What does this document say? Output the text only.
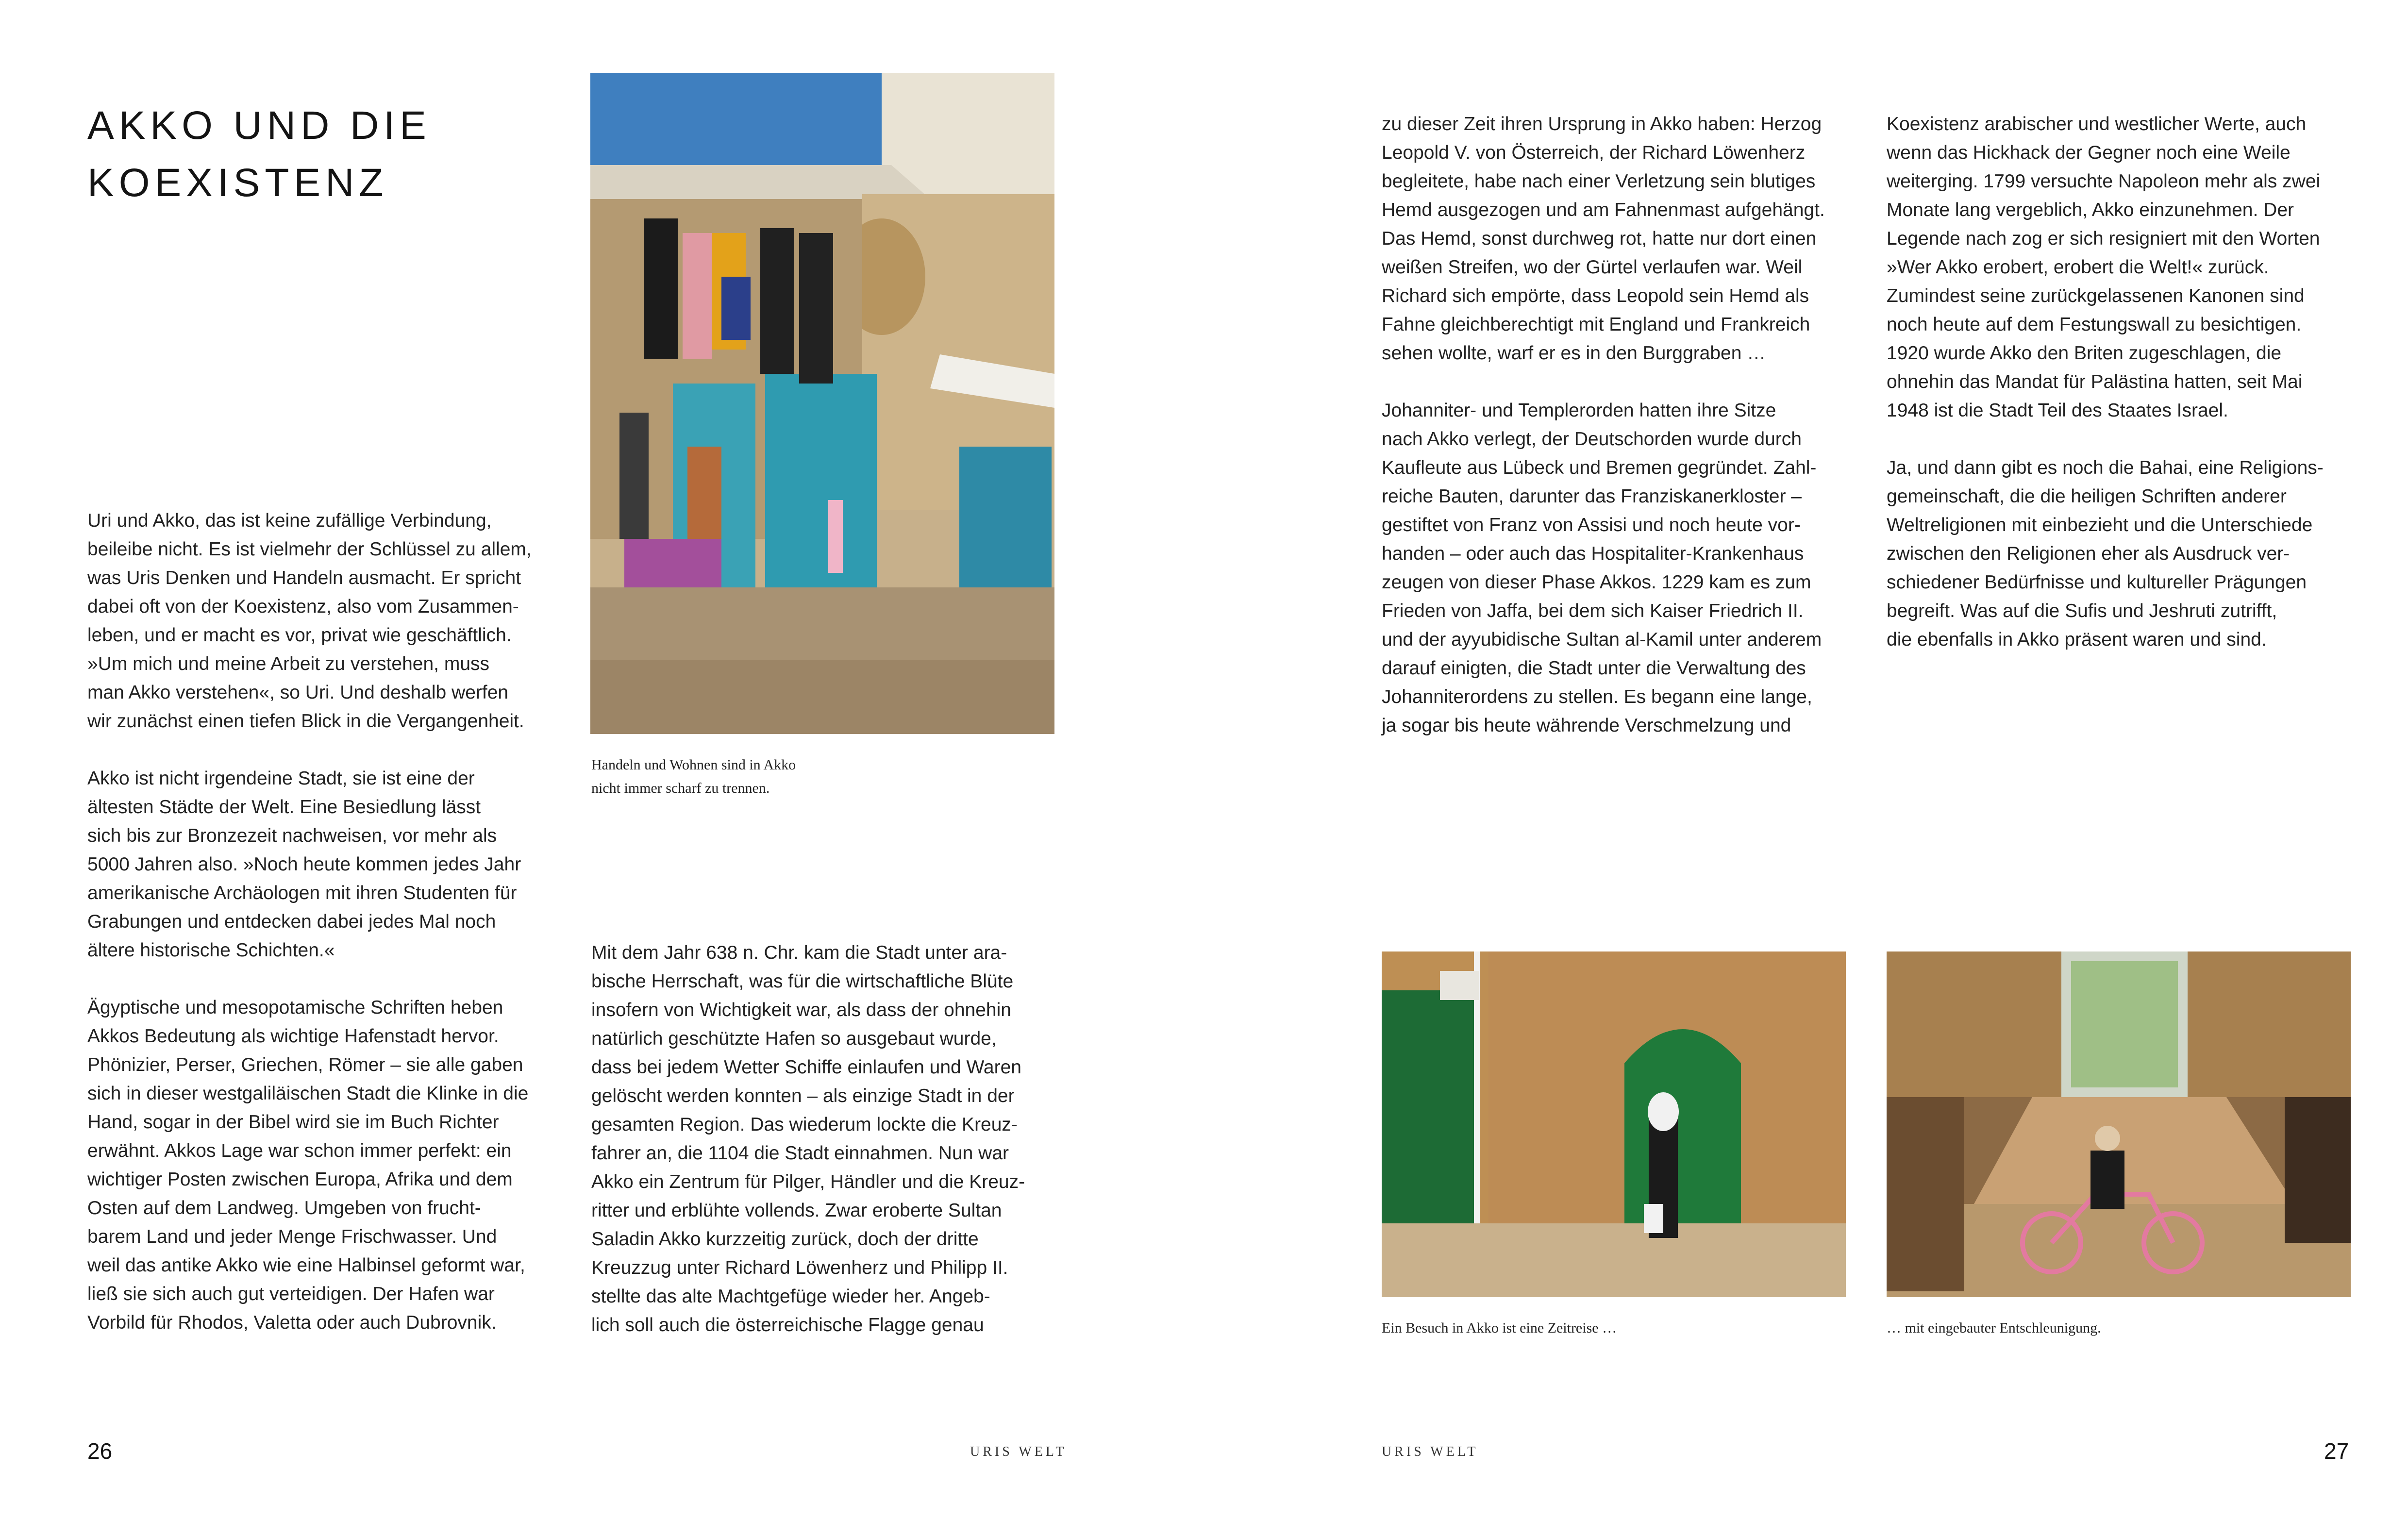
AKKO UND DIE
KOEXISTENZ

Uri und Akko, das ist keine zufällige Verbindung,
beileibe nicht. Es ist vielmehr der Schlüssel zu allem,
was Uris Denken und Handeln ausmacht. Er spricht
dabei oft von der Koexistenz, also vom Zusammen-
leben, und er macht es vor, privat wie geschäftlich.
»Um mich und meine Arbeit zu verstehen, muss
man Akko verstehen«, so Uri. Und deshalb werfen
wir zunächst einen tiefen Blick in die Vergangenheit.

Akko ist nicht irgendeine Stadt, sie ist eine der
ältesten Städte der Welt. Eine Besiedlung lässt
sich bis zur Bronzezeit nachweisen, vor mehr als
5000 Jahren also. »Noch heute kommen jedes Jahr
amerikanische Archäologen mit ihren Studenten für
Grabungen und entdecken dabei jedes Mal noch
ältere historische Schichten.«

Ägyptische und mesopotamische Schriften heben
Akkos Bedeutung als wichtige Hafenstadt hervor.
Phönizier, Perser, Griechen, Römer – sie alle gaben
sich in dieser westgaliläischen Stadt die Klinke in die
Hand, sogar in der Bibel wird sie im Buch Richter
erwähnt. Akkos Lage war schon immer perfekt: ein
wichtiger Posten zwischen Europa, Afrika und dem
Osten auf dem Landweg. Umgeben von frucht-
barem Land und jeder Menge Frischwasser. Und
weil das antike Akko wie eine Halbinsel geformt war,
ließ sie sich auch gut verteidigen. Der Hafen war
Vorbild für Rhodos, Valetta oder auch Dubrovnik.

Handeln und Wohnen sind in Akko
nicht immer scharf zu trennen.

Mit dem Jahr 638 n. Chr. kam die Stadt unter ara-
bische Herrschaft, was für die wirtschaftliche Blüte
insofern von Wichtigkeit war, als dass der ohnehin
natürlich geschützte Hafen so ausgebaut wurde,
dass bei jedem Wetter Schiffe einlaufen und Waren
gelöscht werden konnten – als einzige Stadt in der
gesamten Region. Das wiederum lockte die Kreuz-
fahrer an, die 1104 die Stadt einnahmen. Nun war
Akko ein Zentrum für Pilger, Händler und die Kreuz-
ritter und erblühte vollends. Zwar eroberte Sultan
Saladin Akko kurzzeitig zurück, doch der dritte
Kreuzzug unter Richard Löwenherz und Philipp II.
stellte das alte Machtgefüge wieder her. Angeb-
lich soll auch die österreichische Flagge genau

26	URIS WELT

zu dieser Zeit ihren Ursprung in Akko haben: Herzog
Leopold V. von Österreich, der Richard Löwenherz
begleitete, habe nach einer Verletzung sein blutiges
Hemd ausgezogen und am Fahnenmast aufgehängt.
Das Hemd, sonst durchweg rot, hatte nur dort einen
weißen Streifen, wo der Gürtel verlaufen war. Weil
Richard sich empörte, dass Leopold sein Hemd als
Fahne gleichberechtigt mit England und Frankreich
sehen wollte, warf er es in den Burggraben …

Johanniter- und Templerorden hatten ihre Sitze
nach Akko verlegt, der Deutschorden wurde durch
Kaufleute aus Lübeck und Bremen gegründet. Zahl-
reiche Bauten, darunter das Franziskanerkloster –
gestiftet von Franz von Assisi und noch heute vor-
handen – oder auch das Hospitaliter-Krankenhaus
zeugen von dieser Phase Akkos. 1229 kam es zum
Frieden von Jaffa, bei dem sich Kaiser Friedrich II.
und der ayyubidische Sultan al-Kamil unter anderem
darauf einigten, die Stadt unter die Verwaltung des
Johanniterordens zu stellen. Es begann eine lange,
ja sogar bis heute währende Verschmelzung und

Koexistenz arabischer und westlicher Werte, auch
wenn das Hickhack der Gegner noch eine Weile
weiterging. 1799 versuchte Napoleon mehr als zwei
Monate lang vergeblich, Akko einzunehmen. Der
Legende nach zog er sich resigniert mit den Worten
»Wer Akko erobert, erobert die Welt!« zurück.
Zumindest seine zurückgelassenen Kanonen sind
noch heute auf dem Festungswall zu besichtigen.
1920 wurde Akko den Briten zugeschlagen, die
ohnehin das Mandat für Palästina hatten, seit Mai
1948 ist die Stadt Teil des Staates Israel.

Ja, und dann gibt es noch die Bahai, eine Religions-
gemeinschaft, die die heiligen Schriften anderer
Weltreligionen mit einbezieht und die Unterschiede
zwischen den Religionen eher als Ausdruck ver-
schiedener Bedürfnisse und kultureller Prägungen
begreift. Was auf die Sufis und Jeshruti zutrifft,
die ebenfalls in Akko präsent waren und sind.

Ein Besuch in Akko ist eine Zeitreise …	… mit eingebauter Entschleunigung.
URIS WELT	27
